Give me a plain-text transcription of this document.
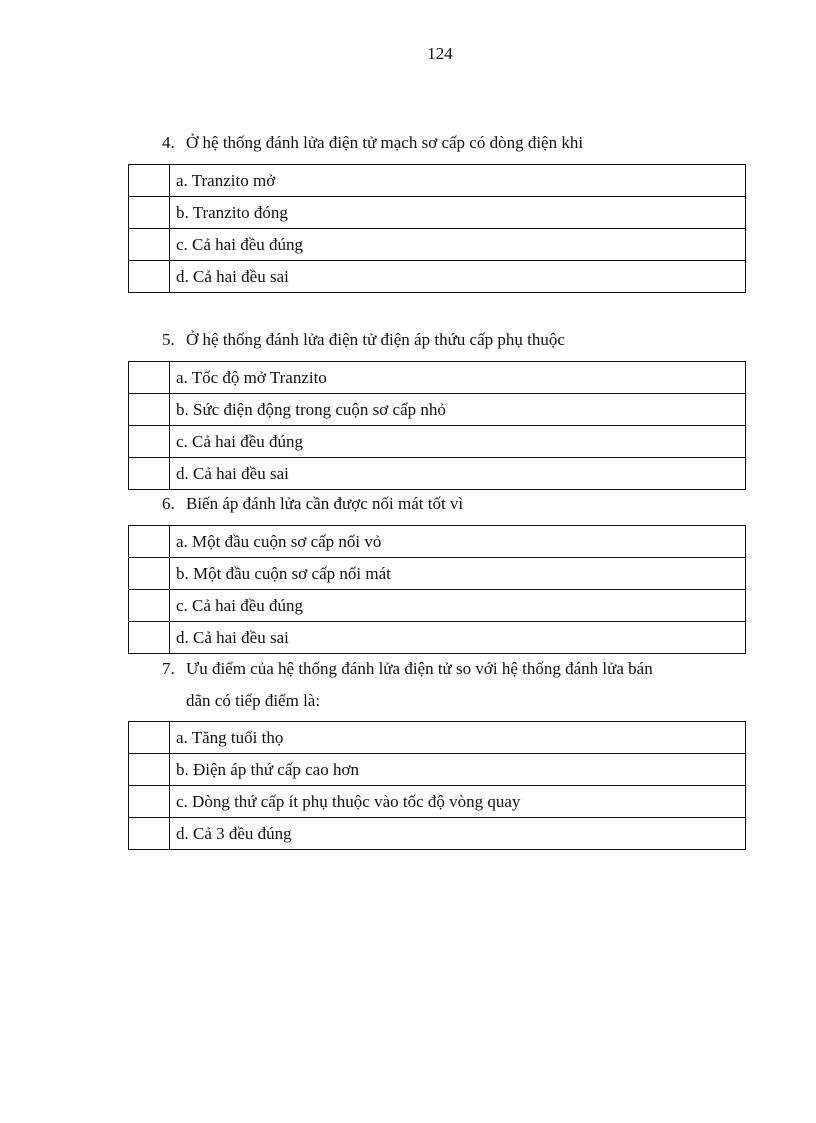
124
4. Ở hệ thống đánh lửa điện tử mạch sơ cấp có dòng điện khi
	a. Tranzito mở
	b. Tranzito đóng
	c. Cả hai đều đúng
	d. Cả hai đều sai
5. Ở hệ thống đánh lửa điện tử điện áp thứu cấp phụ thuộc
	a. Tốc độ mở Tranzito
	b. Sức điện động trong cuộn sơ cấp nhỏ
	c. Cả hai đều đúng
	d. Cả hai đều sai
6. Biến áp đánh lửa cần được nối mát tốt vì
	a. Một đầu cuộn sơ cấp nối vỏ
	b. Một đầu cuộn sơ cấp nối mát
	c. Cả hai đều đúng
	d. Cả hai đều sai
7. Ưu điểm của hệ thống đánh lửa điện tử so với hệ thống đánh lửa bán
dãn có tiếp điểm là:
	a. Tăng tuổi thọ
	b. Điện áp thứ cấp cao hơn
	c. Dòng thứ cấp ít phụ thuộc vào tốc độ vòng quay
	d. Cả 3 đều đúng
